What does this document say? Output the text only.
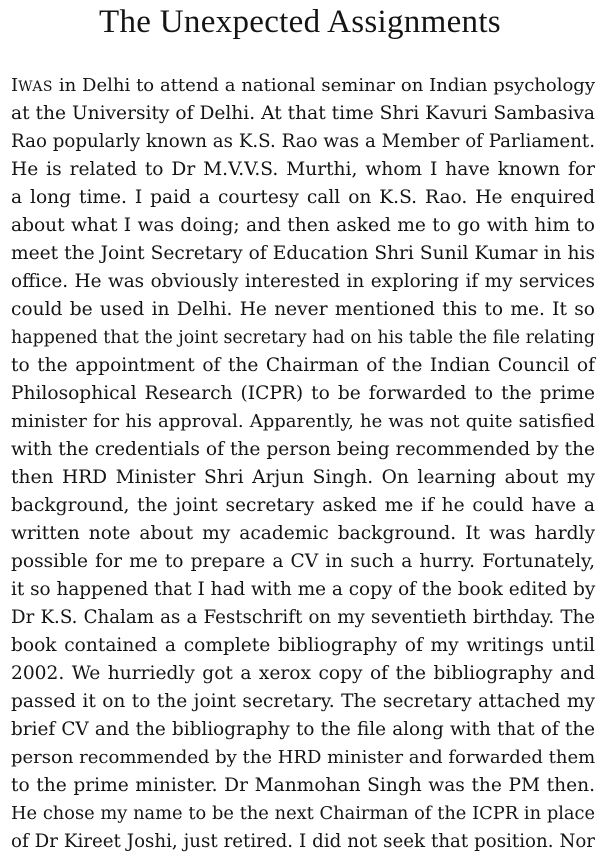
The Unexpected Assignments
IWAS in Delhi to attend a national seminar on Indian psychology
at the University of Delhi. At that time Shri Kavuri Sambasiva
Rao popularly known as K.S. Rao was a Member of Parliament.
He is related to Dr M.V.V.S. Murthi, whom I have known for
a long time. I paid a courtesy call on K.S. Rao. He enquired
about what I was doing; and then asked me to go with him to
meet the Joint Secretary of Education Shri Sunil Kumar in his
office. He was obviously interested in exploring if my services
could be used in Delhi. He never mentioned this to me. It so
happened that the joint secretary had on his table the file relating
to the appointment of the Chairman of the Indian Council of
Philosophical Research (ICPR) to be forwarded to the prime
minister for his approval. Apparently, he was not quite satisfied
with the credentials of the person being recommended by the
then HRD Minister Shri Arjun Singh. On learning about my
background, the joint secretary asked me if he could have a
written note about my academic background. It was hardly
possible for me to prepare a CV in such a hurry. Fortunately,
it so happened that I had with me a copy of the book edited by
Dr K.S. Chalam as a Festschrift on my seventieth birthday. The
book contained a complete bibliography of my writings until
2002. We hurriedly got a xerox copy of the bibliography and
passed it on to the joint secretary. The secretary attached my
brief CV and the bibliography to the file along with that of the
person recommended by the HRD minister and forwarded them
to the prime minister. Dr Manmohan Singh was the PM then.
He chose my name to be the next Chairman of the ICPR in place
of Dr Kireet Joshi, just retired. I did not seek that position. Nor
